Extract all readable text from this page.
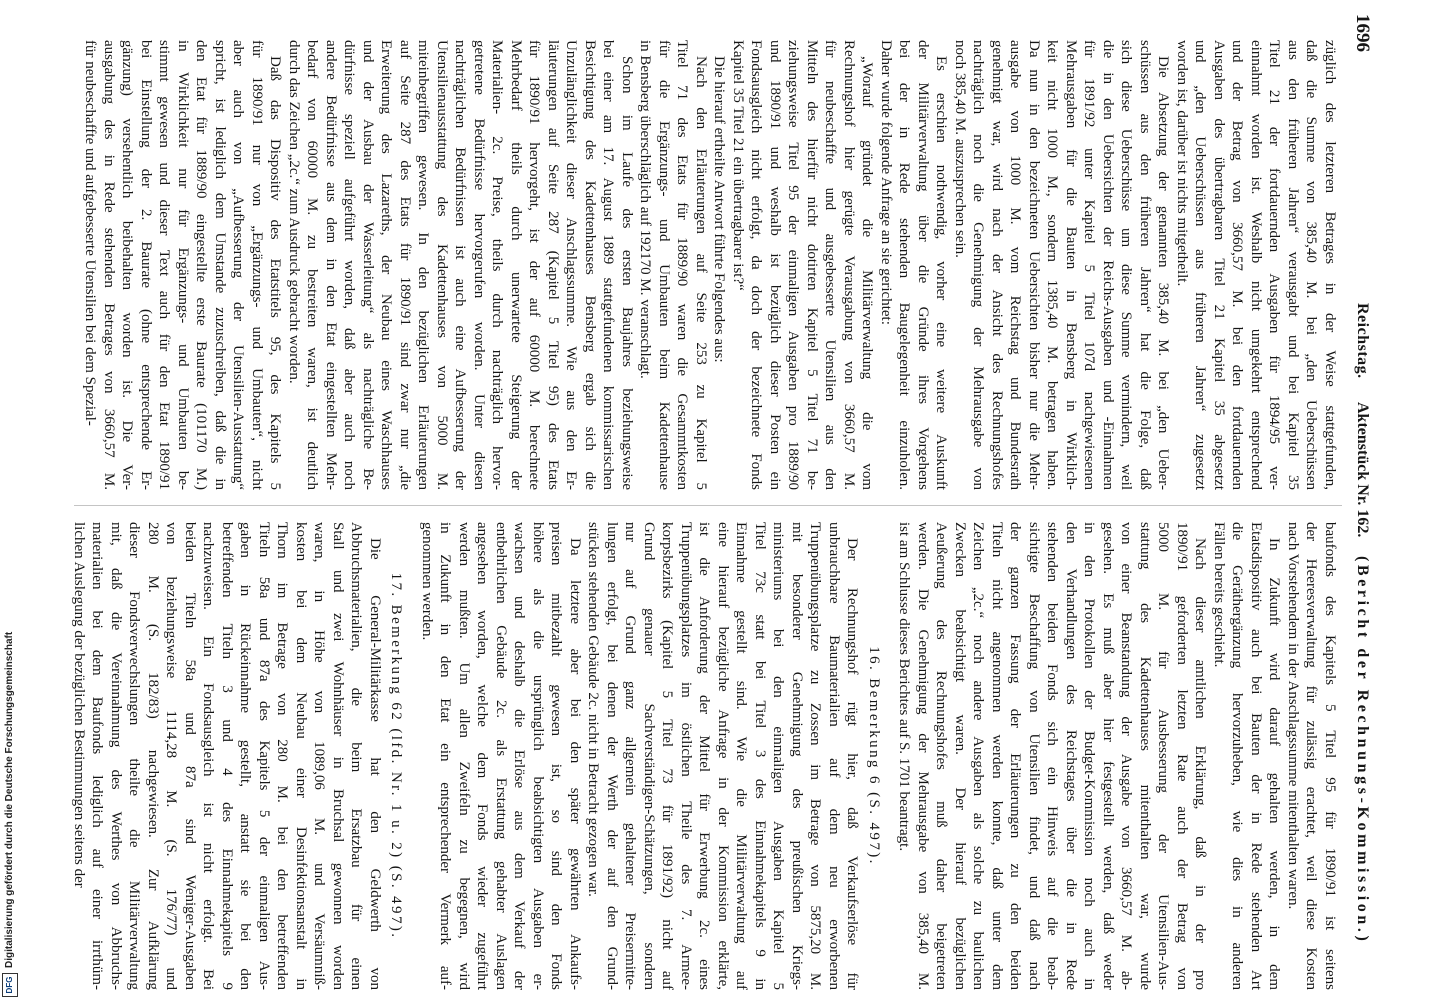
1696
Reichstag.
Aktenstück Nr. 162.
(Bericht der Rechnungs-Kommission.)
züglich des letzteren Betrages in der Weise stattgefunden,
daß die Summe von 385,40 M. bei „den Ueberschüssen
aus den früheren Jahren“ verausgabt und bei Kapitel 35
Titel 21 der fortdauernden Ausgaben für 1894/95 ver-
einnahmt worden ist. Weshalb nicht umgekehrt entsprechend
und der Betrag von 3660,57 M. bei den fortdauernden
Ausgaben des übertragbaren Titel 21 Kapitel 35 abgesetzt
und „den Ueberschüssen aus früheren Jahren“ zugesetzt
worden ist, darüber ist nichts mitgetheilt.
Die Absetzung der genannten 385,40 M. bei „den Ueber-
schüssen aus den früheren Jahren“ hat die Folge, daß
sich diese Ueberschüsse um diese Summe vermindern, weil
die in den Uebersichten der Reichs-Ausgaben und -Einnahmen
für 1891/92 unter Kapitel 5 Titel 107d nachgewiesenen
Mehrausgaben für die Bauten in Bensberg in Wirklich-
keit nicht 1000 M., sondern 1385,40 M. betragen haben.
Da nun in den bezeichneten Uebersichten bisher nur die Mehr-
ausgabe von 1000 M. vom Reichstag und Bundesrath
genehmigt war, wird nach der Ansicht des Rechnungshofes
nachträglich noch die Genehmigung der Mehrausgabe von
noch 385,40 M. auszusprechen sein.
Es erschien nothwendig, vorher eine weitere Auskunft
der Militärverwaltung über die Gründe ihres Vorgehens
bei der in Rede stehenden Baugelegenheit einzuholen.
Daher wurde folgende Anfrage an sie gerichtet:
„Worauf gründet die Militärverwaltung die vom
Rechnungshof hier gerügte Verausgabung von 3660,57 M.
für neubeschaffte und ausgebesserte Utensilien aus den
Mitteln des hierfür nicht dotirten Kapitel 5 Titel 71 be-
ziehungsweise Titel 95 der einmaligen Ausgaben pro 1889/90
und 1890/91 und weshalb ist bezüglich dieser Posten ein
Fondsausgleich nicht erfolgt, da doch der bezeichnete Fonds
Kapitel 35 Titel 21 ein übertragbarer ist?“
Die hierauf ertheilte Antwort führte Folgendes aus:
Nach den Erläuterungen auf Seite 253 zu Kapitel 5
Titel 71 des Etats für 1889/90 waren die Gesammtkosten
für die Ergänzungs- und Umbauten beim Kadettenhause
in Bensberg überschläglich auf 192170 M. veranschlagt.
Schon im Laufe des ersten Baujahres beziehungsweise
bei einer am 17. August 1889 stattgefundenen kommissarischen
Besichtigung des Kadettenhauses Bensberg ergab sich die
Unzulänglichkeit dieser Anschlagssumme. Wie aus den Er-
läuterungen auf Seite 287 (Kapitel 5 Titel 95) des Etats
für 1890/91 hervorgeht, ist der auf 60000 M. berechnete
Mehrbedarf theils durch unerwartete Steigerung der
Materialien- 2c. Preise, theils durch nachträglich hervor-
getretene Bedürfnisse hervorgerufen worden. Unter diesen
nachträglichen Bedürfnissen ist auch eine Aufbesserung der
Utensilienausstattung des Kadettenhauses von 5000 M.
miteinbegriffen gewesen. In den bezüglichen Erläuterungen
auf Seite 287 des Etats für 1890/91 sind zwar nur „die
Erweiterung des Lazareths, der Neubau eines Waschhauses
und der Ausbau der Wasserleitung“ als nachträgliche Be-
dürfnisse speziell aufgeführt worden, daß aber auch noch
andere Bedürfnisse aus dem in den Etat eingestellten Mehr-
bedarf von 60000 M. zu bestreiten waren, ist deutlich
durch das Zeichen „2c.“ zum Ausdruck gebracht worden.
Daß das Dispositiv des Etatstitels 95, des Kapitels 5
für 1890/91 nur von „Ergänzungs- und Umbauten“, nicht
aber auch von „Aufbesserung der Utensilien-Ausstattung“
spricht, ist lediglich dem Umstande zuzuschreiben, daß die in
den Etat für 1889/90 eingestellte erste Baurate (101170 M.)
in Wirklichkeit nur für Ergänzungs- und Umbauten be-
stimmt gewesen und dieser Text auch für den Etat 1890/91
bei Einstellung der 2. Baurate (ohne entsprechende Er-
gänzung) versehentlich beibehalten worden ist. Die Ver-
ausgabung des in Rede stehenden Betrages von 3660,57 M.
für neubeschaffte und aufgebesserte Utensilien bei dem Spezial-
baufonds des Kapitels 5 Titel 95 für 1890/91 ist seitens
der Heeresverwaltung für zulässig erachtet, weil diese Kosten
nach Vorstehendem in der Anschlagssumme mitenthalten waren.
In Zukunft wird darauf gehalten werden, in dem
Etatsdispositiv auch bei Bauten der in Rede stehenden Art
die Geräthergänzung hervorzuheben, wie dies in anderen
Fällen bereits geschieht.
Nach dieser amtlichen Erklärung, daß in der pro
1890/91 geforderten letzten Rate auch der Betrag von
5000 M. für Ausbesserung der Utensilien-Aus-
stattung des Kadettenhauses mitenthalten war, wurde
von einer Beanstandung der Ausgabe von 3660,57 M. ab-
gesehen. Es muß aber hier festgestellt werden, daß weder
in den Protokollen der Budget-Kommission noch auch in
den Verhandlungen des Reichstages über die in Rede
stehenden beiden Fonds sich ein Hinweis auf die beab-
sichtigte Beschaffung von Utensilien findet, und daß nach
der ganzen Fassung der Erläuterungen zu den beiden
Titeln nicht angenommen werden konnte, daß unter dem
Zeichen „2c.“ noch andere Ausgaben als solche zu baulichen
Zwecken beabsichtigt waren. Der hierauf bezüglichen
Aeußerung des Rechnungshofes muß daher beigetreten
werden. Die Genehmigung der Mehrausgabe von 385,40 M.
ist am Schlusse dieses Berichtes auf S. 1701 beantragt.
16. Bemerkung 6 (S. 497).
Der Rechnungshof rügt hier, daß Verkaufserlöse für
unbrauchbare Baumaterialien auf dem neu erworbenen
Truppenübungsplatze zu Zossen im Betrage von 5875,20 M.
mit besonderer Genehmigung des preußischen Kriegs-
ministeriums bei den einmaligen Ausgaben Kapitel 5
Titel 73c statt bei Titel 3 des Einnahmekapitels 9 in
Einnahme gestellt sind. Wie die Militärverwaltung auf
eine hierauf bezügliche Anfrage in der Kommission erklärte,
ist die Anforderung der Mittel für Erwerbung 2c. eines
Truppenübungsplatzes im östlichen Theile des 7. Armee-
korpsbezirks (Kapitel 5 Titel 73 für 1891/92) nicht auf
Grund genauer Sachverständigen-Schätzungen, sondern
nur auf Grund ganz allgemein gehaltener Preisermitte-
lungen erfolgt, bei denen der Werth der auf den Grund-
stücken stehenden Gebäude 2c. nicht in Betracht gezogen war.
Da letztere aber bei den später gewährten Ankaufs-
preisen mitbezahlt gewesen ist, so sind den Fonds
höhere als die ursprünglich beabsichtigten Ausgaben er-
wachsen und deshalb die Erlöse aus dem Verkauf der
entbehrlichen Gebäude 2c. als Erstattung gehabter Auslagen
angesehen worden, welche dem Fonds wieder zugeführt
werden mußten. Um allen Zweifeln zu begegnen, wird
in Zukunft in den Etat ein entsprechender Vermerk auf-
genommen werden.
17. Bemerkung 62 (lfd. Nr. 1 u. 2) (S. 497).
Die General-Militärkasse hat den Geldwerth von
Abbruchsmaterialien, die beim Ersatzbau für einen
Stall und zwei Wohnhäuser in Bruchsal gewonnen worden
waren, in Höhe von 1089,06 M. und Versäumniß-
kosten bei dem Neubau einer Desinfektionsanstalt in
Thorn im Betrage von 280 M. bei den betreffenden
Titeln 58a und 87a des Kapitels 5 der einmaligen Aus-
gaben in Rückeinnahme gestellt, anstatt sie bei den
betreffenden Titeln 3 und 4 des Einnahmekapitels 9
nachzuweisen. Ein Fondsausgleich ist nicht erfolgt. Bei
beiden Titeln 58a und 87a sind Weniger-Ausgaben
von beziehungsweise 1114,28 M. (S. 176/77) und
280 M. (S. 182/83) nachgewiesen. Zur Aufklärung
dieser Fondsverwechslungen theilte die Militärverwaltung
mit, daß die Vereinnahmung des Werthes von Abbruchs-
materialien bei dem Baufonds lediglich auf einer irrthüm-
lichen Auslegung der bezüglichen Bestimmungen seitens der
Digitalisierung gefördert durch die Deutsche Forschungsgemeinschaft
DFG
